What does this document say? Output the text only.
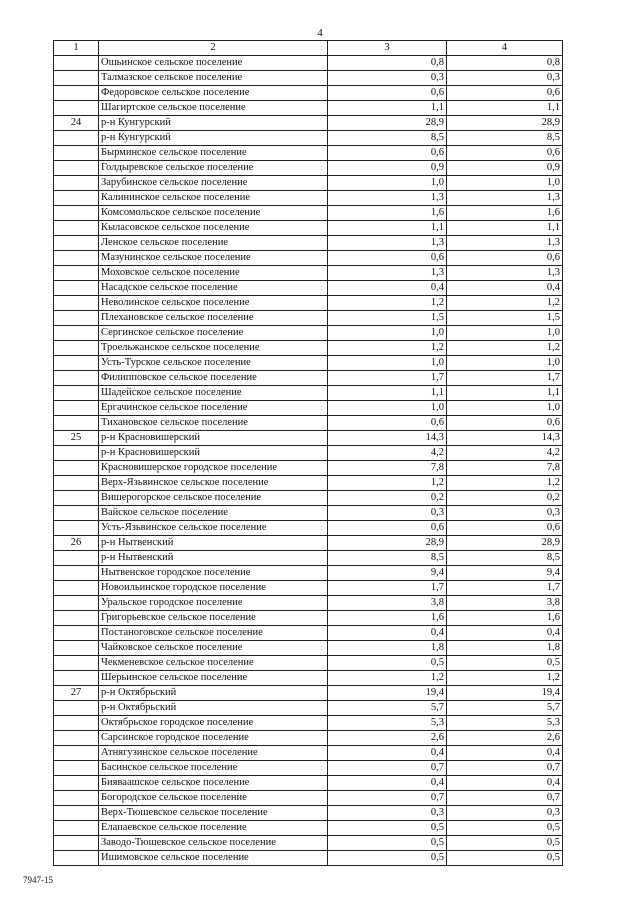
4
1	2	3	4
	Ошьинское сельское поселение	0,8	0,8
	Талмазское сельское поселение	0,3	0,3
	Федоровское сельское поселение	0,6	0,6
	Шагиртское сельское поселение	1,1	1,1
24	р-н Кунгурский	28,9	28,9
	р-н Кунгурский	8,5	8,5
	Бырминское сельское поселение	0,6	0,6
	Голдыревское сельское поселение	0,9	0,9
	Зарубинское сельское поселение	1,0	1,0
	Калининское сельское поселение	1,3	1,3
	Комсомольское сельское поселение	1,6	1,6
	Кыласовское сельское поселение	1,1	1,1
	Ленское сельское поселение	1,3	1,3
	Мазунинское сельское поселение	0,6	0,6
	Моховское сельское поселение	1,3	1,3
	Насадское сельское поселение	0,4	0,4
	Неволинское сельское поселение	1,2	1,2
	Плехановское сельское поселение	1,5	1,5
	Сергинское сельское поселение	1,0	1,0
	Троельжанское сельское поселение	1,2	1,2
	Усть-Турское сельское поселение	1,0	1,0
	Филипповское сельское поселение	1,7	1,7
	Шадейское сельское поселение	1,1	1,1
	Ергачинское сельское поселение	1,0	1,0
	Тихановское сельское поселение	0,6	0,6
25	р-н Красновишерский	14,3	14,3
	р-н Красновишерский	4,2	4,2
	Красновишерское городское поселение	7,8	7,8
	Верх-Язьвинское сельское поселение	1,2	1,2
	Вишерогорское сельское поселение	0,2	0,2
	Вайское сельское поселение	0,3	0,3
	Усть-Язьвинское сельское поселение	0,6	0,6
26	р-н Нытвенский	28,9	28,9
	р-н Нытвенский	8,5	8,5
	Нытвенское городское поселение	9,4	9,4
	Новоильинское городское поселение	1,7	1,7
	Уральское городское поселение	3,8	3,8
	Григорьевское сельское поселение	1,6	1,6
	Постаноговское сельское поселение	0,4	0,4
	Чайковское сельское поселение	1,8	1,8
	Чекменевское сельское поселение	0,5	0,5
	Шерьинское сельское поселение	1,2	1,2
27	р-н Октябрьский	19,4	19,4
	р-н Октябрьский	5,7	5,7
	Октябрьское городское поселение	5,3	5,3
	Сарсинское городское поселение	2,6	2,6
	Атнягузинское сельское поселение	0,4	0,4
	Басинское сельское поселение	0,7	0,7
	Бияваашское сельское поселение	0,4	0,4
	Богородское сельское поселение	0,7	0,7
	Верх-Тюшевское сельское поселение	0,3	0,3
	Елапаевское сельское поселение	0,5	0,5
	Заводо-Тюшевское сельское поселение	0,5	0,5
	Ишимовское сельское поселение	0,5	0,5
7947-15
